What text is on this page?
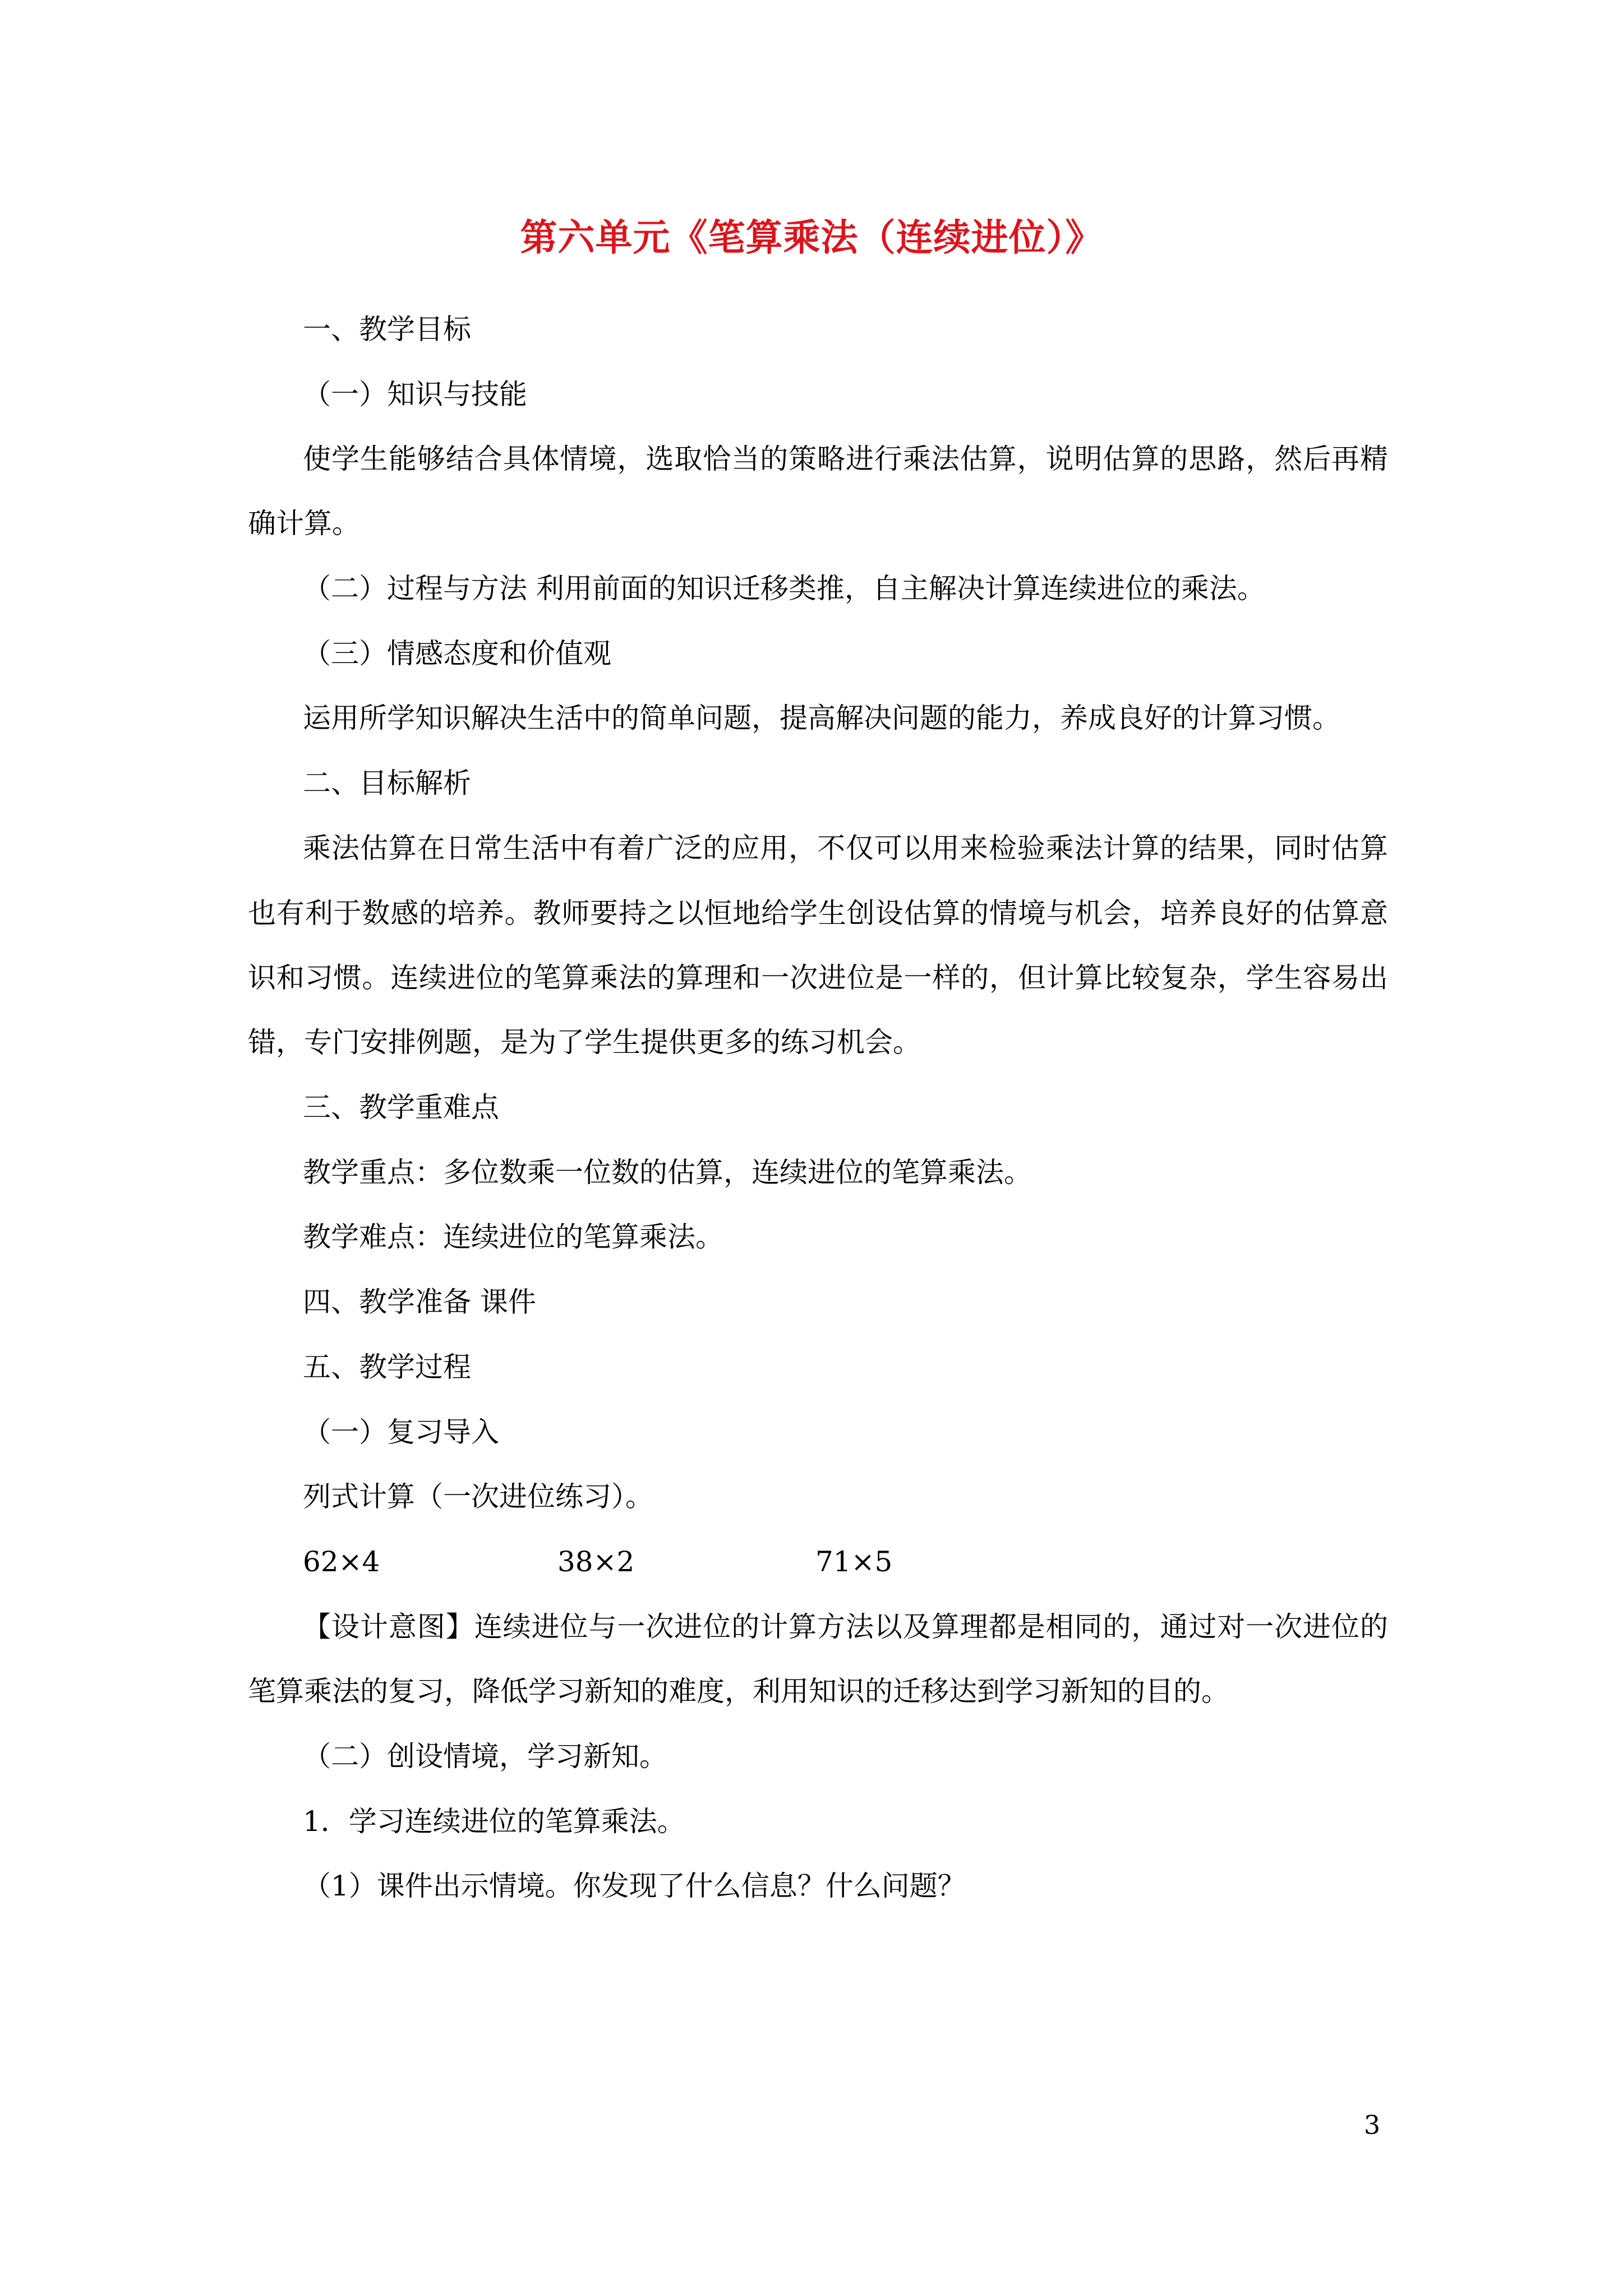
第六单元《笔算乘法（连续进位）》
一、教学目标
（一）知识与技能
使学生能够结合具体情境，选取恰当的策略进行乘法估算，说明估算的思路，然后再精
确计算。
（二）过程与方法 利用前面的知识迁移类推，自主解决计算连续进位的乘法。
（三）情感态度和价值观
运用所学知识解决生活中的简单问题，提高解决问题的能力，养成良好的计算习惯。
二、目标解析
乘法估算在日常生活中有着广泛的应用，不仅可以用来检验乘法计算的结果，同时估算
也有利于数感的培养。教师要持之以恒地给学生创设估算的情境与机会，培养良好的估算意
识和习惯。连续进位的笔算乘法的算理和一次进位是一样的，但计算比较复杂，学生容易出
错，专门安排例题，是为了学生提供更多的练习机会。
三、教学重难点
教学重点：多位数乘一位数的估算，连续进位的笔算乘法。
教学难点：连续进位的笔算乘法。
四、教学准备 课件
五、教学过程
（一）复习导入
列式计算（一次进位练习）。
62×4	38×2	71×5
【设计意图】连续进位与一次进位的计算方法以及算理都是相同的，通过对一次进位的
笔算乘法的复习，降低学习新知的难度，利用知识的迁移达到学习新知的目的。
（二）创设情境，学习新知。
1．学习连续进位的笔算乘法。
（1）课件出示情境。你发现了什么信息？什么问题？
3
